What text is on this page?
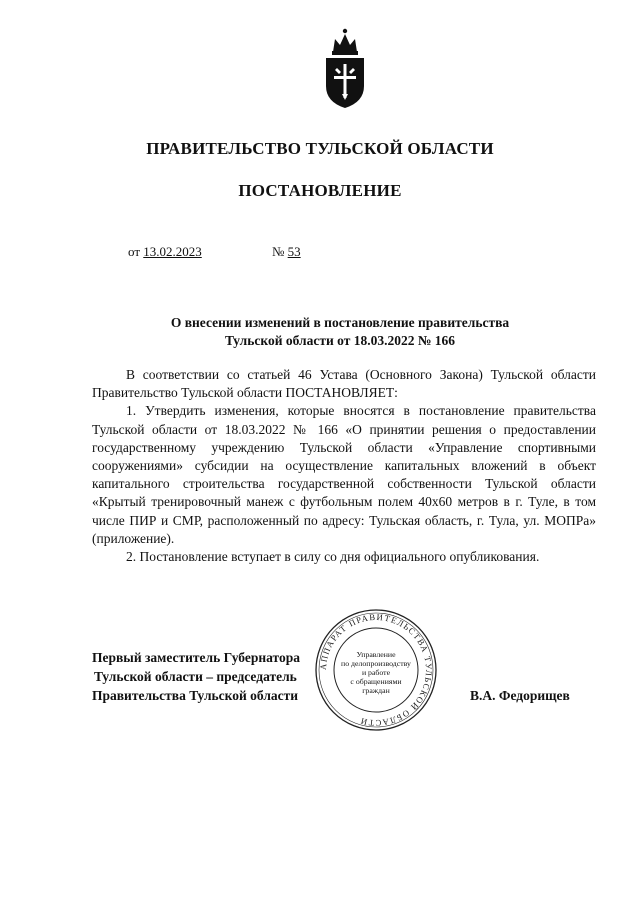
ПРАВИТЕЛЬСТВО ТУЛЬСКОЙ ОБЛАСТИ
ПОСТАНОВЛЕНИЕ
от 13.02.2023	№ 53
О внесении изменений в постановление правительства
Тульской области от 18.03.2022 № 166

В соответствии со статьей 46 Устава (Основного Закона) Тульской области Правительство Тульской области ПОСТАНОВЛЯЕТ:

1. Утвердить изменения, которые вносятся в постановление правительства Тульской области от 18.03.2022 № 166 «О принятии решения о предоставлении государственному учреждению Тульской области «Управление спортивными сооружениями» субсидии на осуществление капитальных вложений в объект капитального строительства государственной собственности Тульской области «Крытый тренировочный манеж с футбольным полем 40x60 метров в г. Туле, в том числе ПИР и СМР, расположенный по адресу: Тульская область, г. Тула, ул. МОПРа» (приложение).

2. Постановление вступает в силу со дня официального опубликования.

АППАРАТ ПРАВИТЕЛЬСТВА ТУЛЬСКОЙ ОБЛАСТИ
Управление
по делопроизводству
и работе
с обращениями
граждан
Первый заместитель Губернатора
Тульской области – председатель
Правительства Тульской области	В.А. Федорищев
